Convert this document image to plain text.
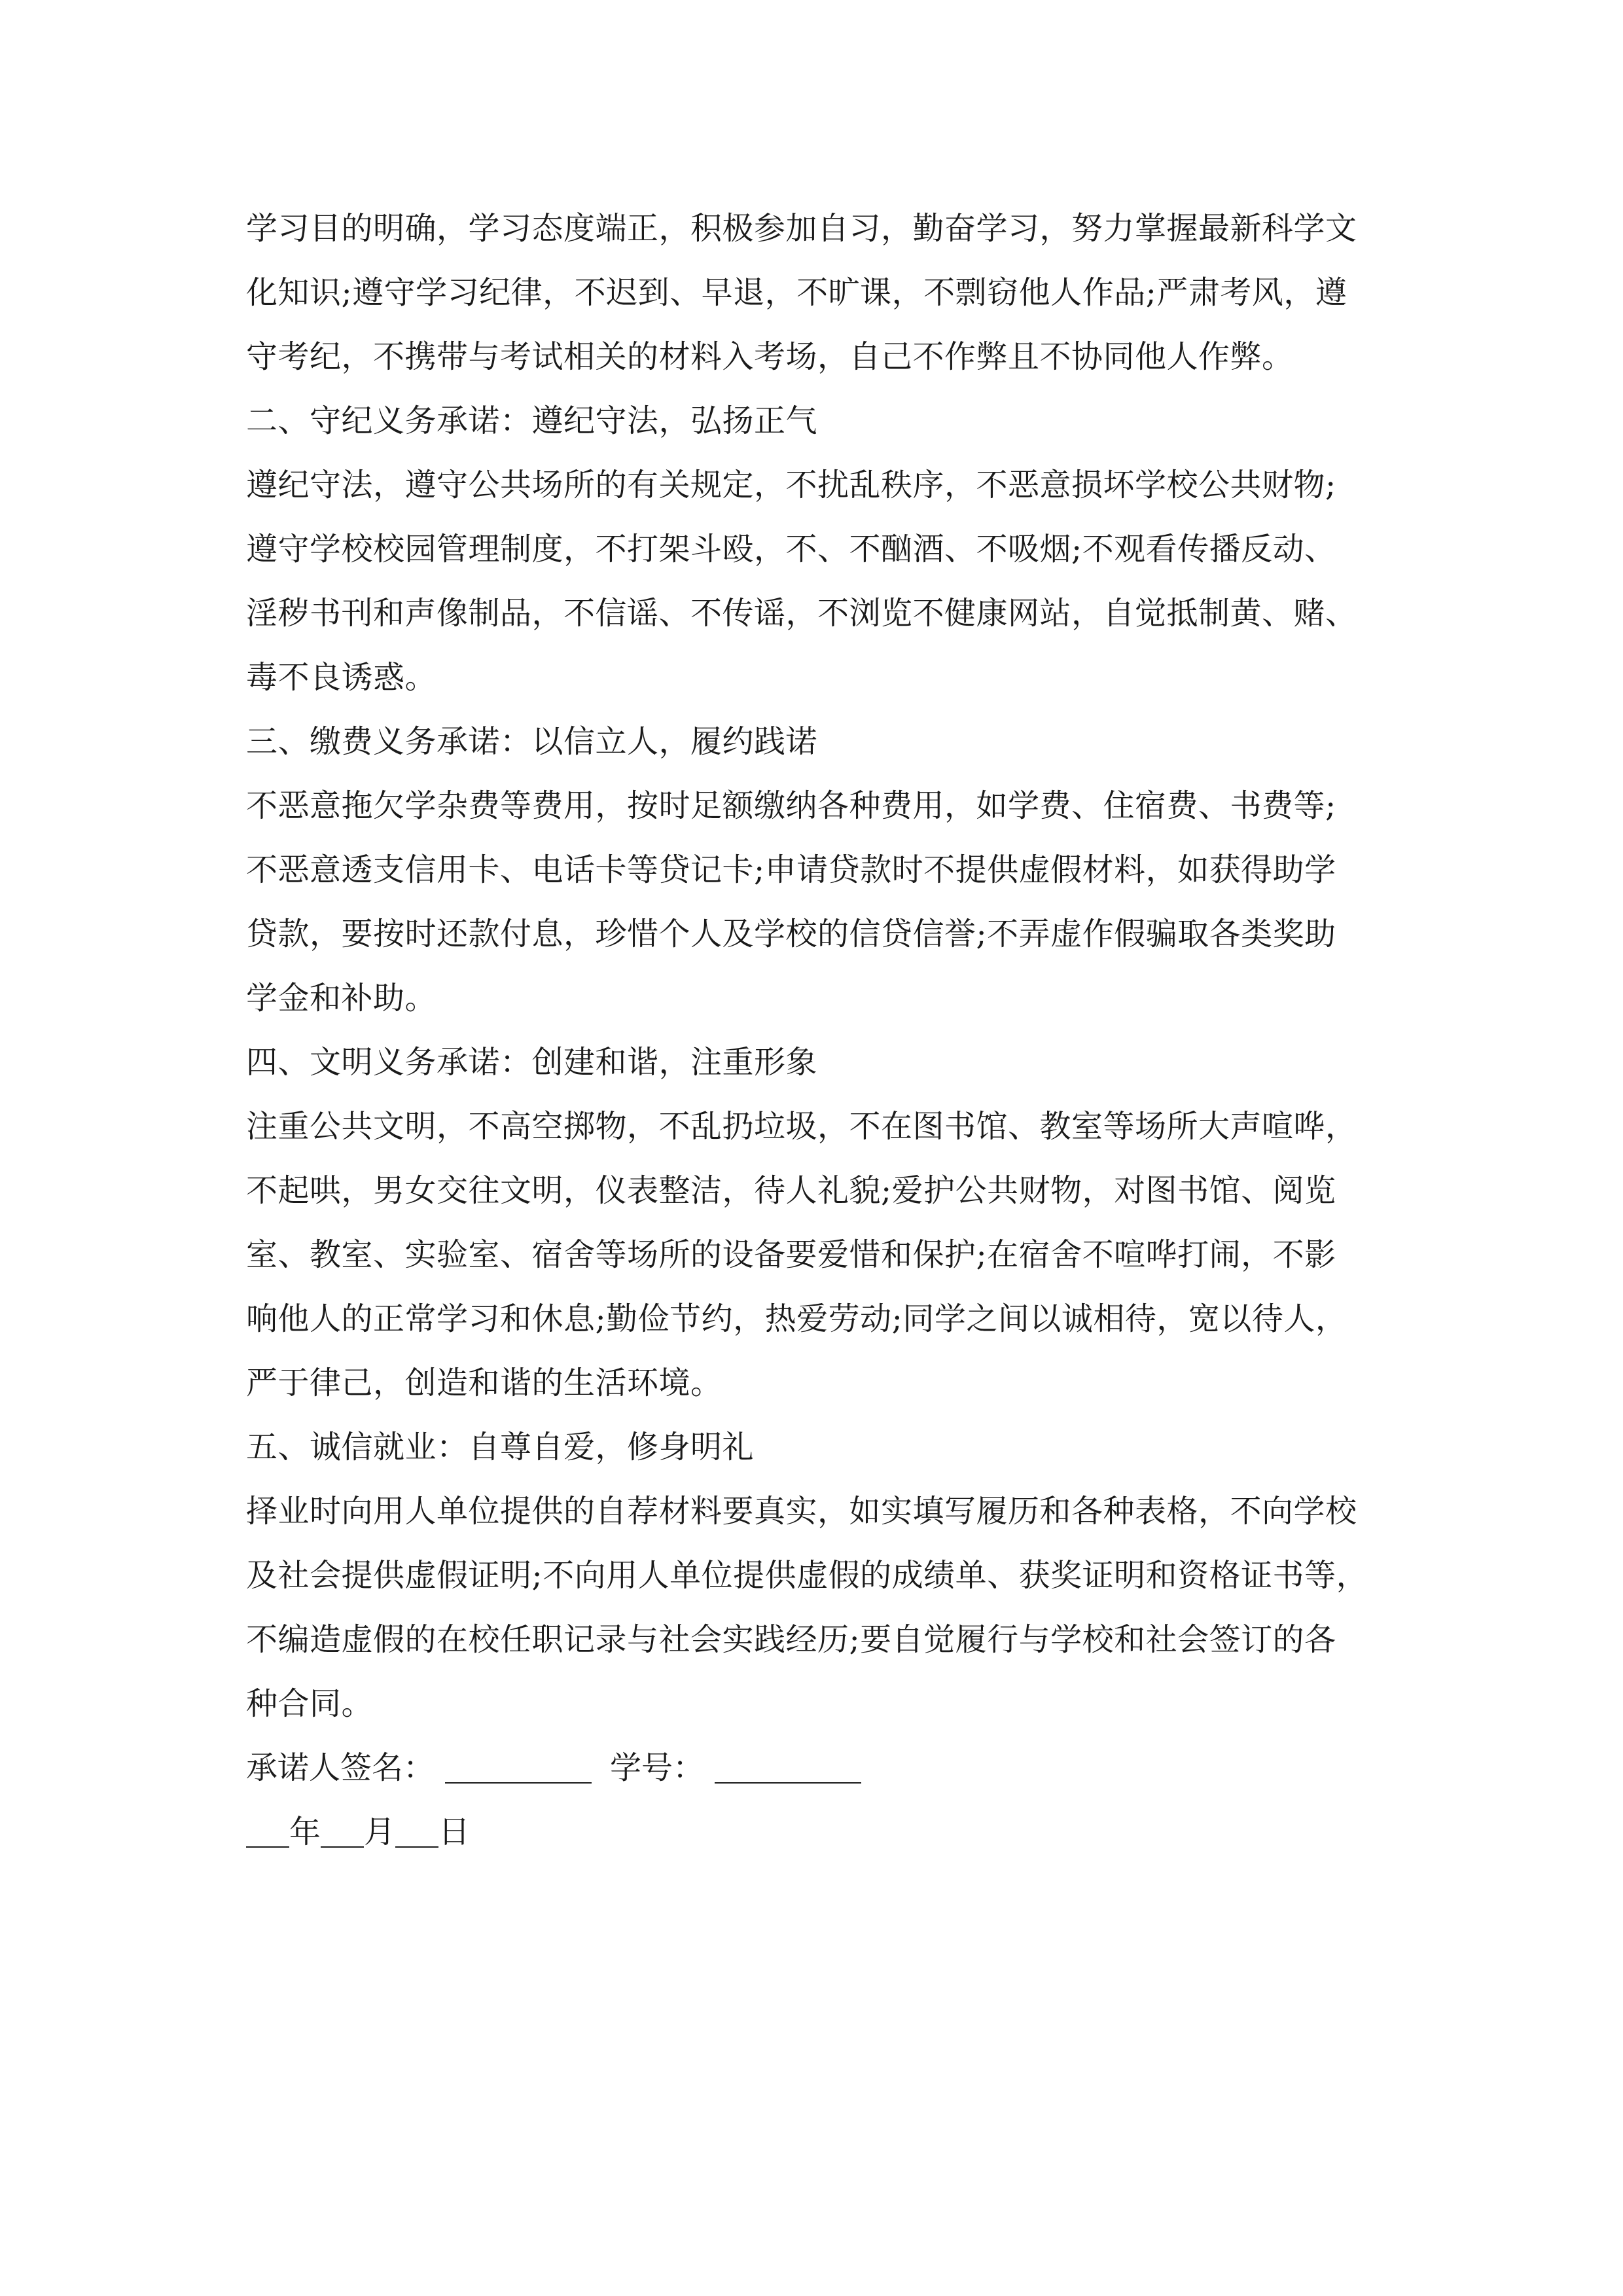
学习目的明确，学习态度端正，积极参加自习，勤奋学习，努力掌握最新科学文
化知识;遵守学习纪律，不迟到、早退，不旷课，不剽窃他人作品;严肃考风，遵
守考纪，不携带与考试相关的材料入考场，自己不作弊且不协同他人作弊。
二、守纪义务承诺：遵纪守法，弘扬正气
遵纪守法，遵守公共场所的有关规定，不扰乱秩序，不恶意损坏学校公共财物;
遵守学校校园管理制度，不打架斗殴，不、不酗酒、不吸烟;不观看传播反动、
淫秽书刊和声像制品，不信谣、不传谣，不浏览不健康网站，自觉抵制黄、赌、
毒不良诱惑。
三、缴费义务承诺：以信立人，履约践诺
不恶意拖欠学杂费等费用，按时足额缴纳各种费用，如学费、住宿费、书费等;
不恶意透支信用卡、电话卡等贷记卡;申请贷款时不提供虚假材料，如获得助学
贷款，要按时还款付息，珍惜个人及学校的信贷信誉;不弄虚作假骗取各类奖助
学金和补助。
四、文明义务承诺：创建和谐，注重形象
注重公共文明，不高空掷物，不乱扔垃圾，不在图书馆、教室等场所大声喧哗，
不起哄，男女交往文明，仪表整洁，待人礼貌;爱护公共财物，对图书馆、阅览
室、教室、实验室、宿舍等场所的设备要爱惜和保护;在宿舍不喧哗打闹，不影
响他人的正常学习和休息;勤俭节约，热爱劳动;同学之间以诚相待，宽以待人，
严于律己，创造和谐的生活环境。
五、诚信就业：自尊自爱，修身明礼
择业时向用人单位提供的自荐材料要真实，如实填写履历和各种表格，不向学校
及社会提供虚假证明;不向用人单位提供虚假的成绩单、获奖证明和资格证书等，
不编造虚假的在校任职记录与社会实践经历;要自觉履行与学校和社会签订的各
种合同。
承诺人签名：	学号：
年 月 日
